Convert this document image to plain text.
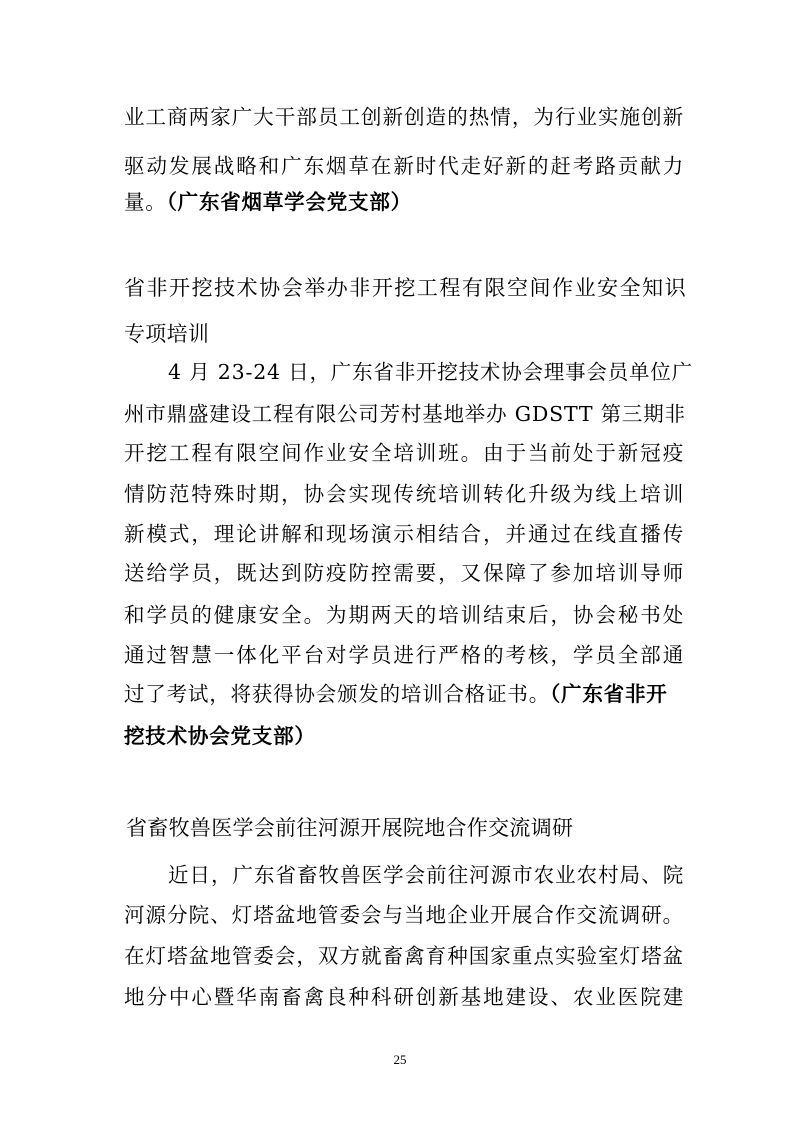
业工商两家广大干部员工创新创造的热情，为行业实施创新
驱动发展战略和广东烟草在新时代走好新的赶考路贡献力
量。（广东省烟草学会党支部）
省非开挖技术协会举办非开挖工程有限空间作业安全知识
专项培训
4 月 23-24 日，广东省非开挖技术协会理事会员单位广
州市鼎盛建设工程有限公司芳村基地举办 GDSTT 第三期非
开挖工程有限空间作业安全培训班。由于当前处于新冠疫
情防范特殊时期，协会实现传统培训转化升级为线上培训
新模式，理论讲解和现场演示相结合，并通过在线直播传
送给学员，既达到防疫防控需要，又保障了参加培训导师
和学员的健康安全。为期两天的培训结束后，协会秘书处
通过智慧一体化平台对学员进行严格的考核，学员全部通
过了考试，将获得协会颁发的培训合格证书。（广东省非开
挖技术协会党支部）
省畜牧兽医学会前往河源开展院地合作交流调研
近日，广东省畜牧兽医学会前往河源市农业农村局、院
河源分院、灯塔盆地管委会与当地企业开展合作交流调研。
在灯塔盆地管委会，双方就畜禽育种国家重点实验室灯塔盆
地分中心暨华南畜禽良种科研创新基地建设、农业医院建
25
